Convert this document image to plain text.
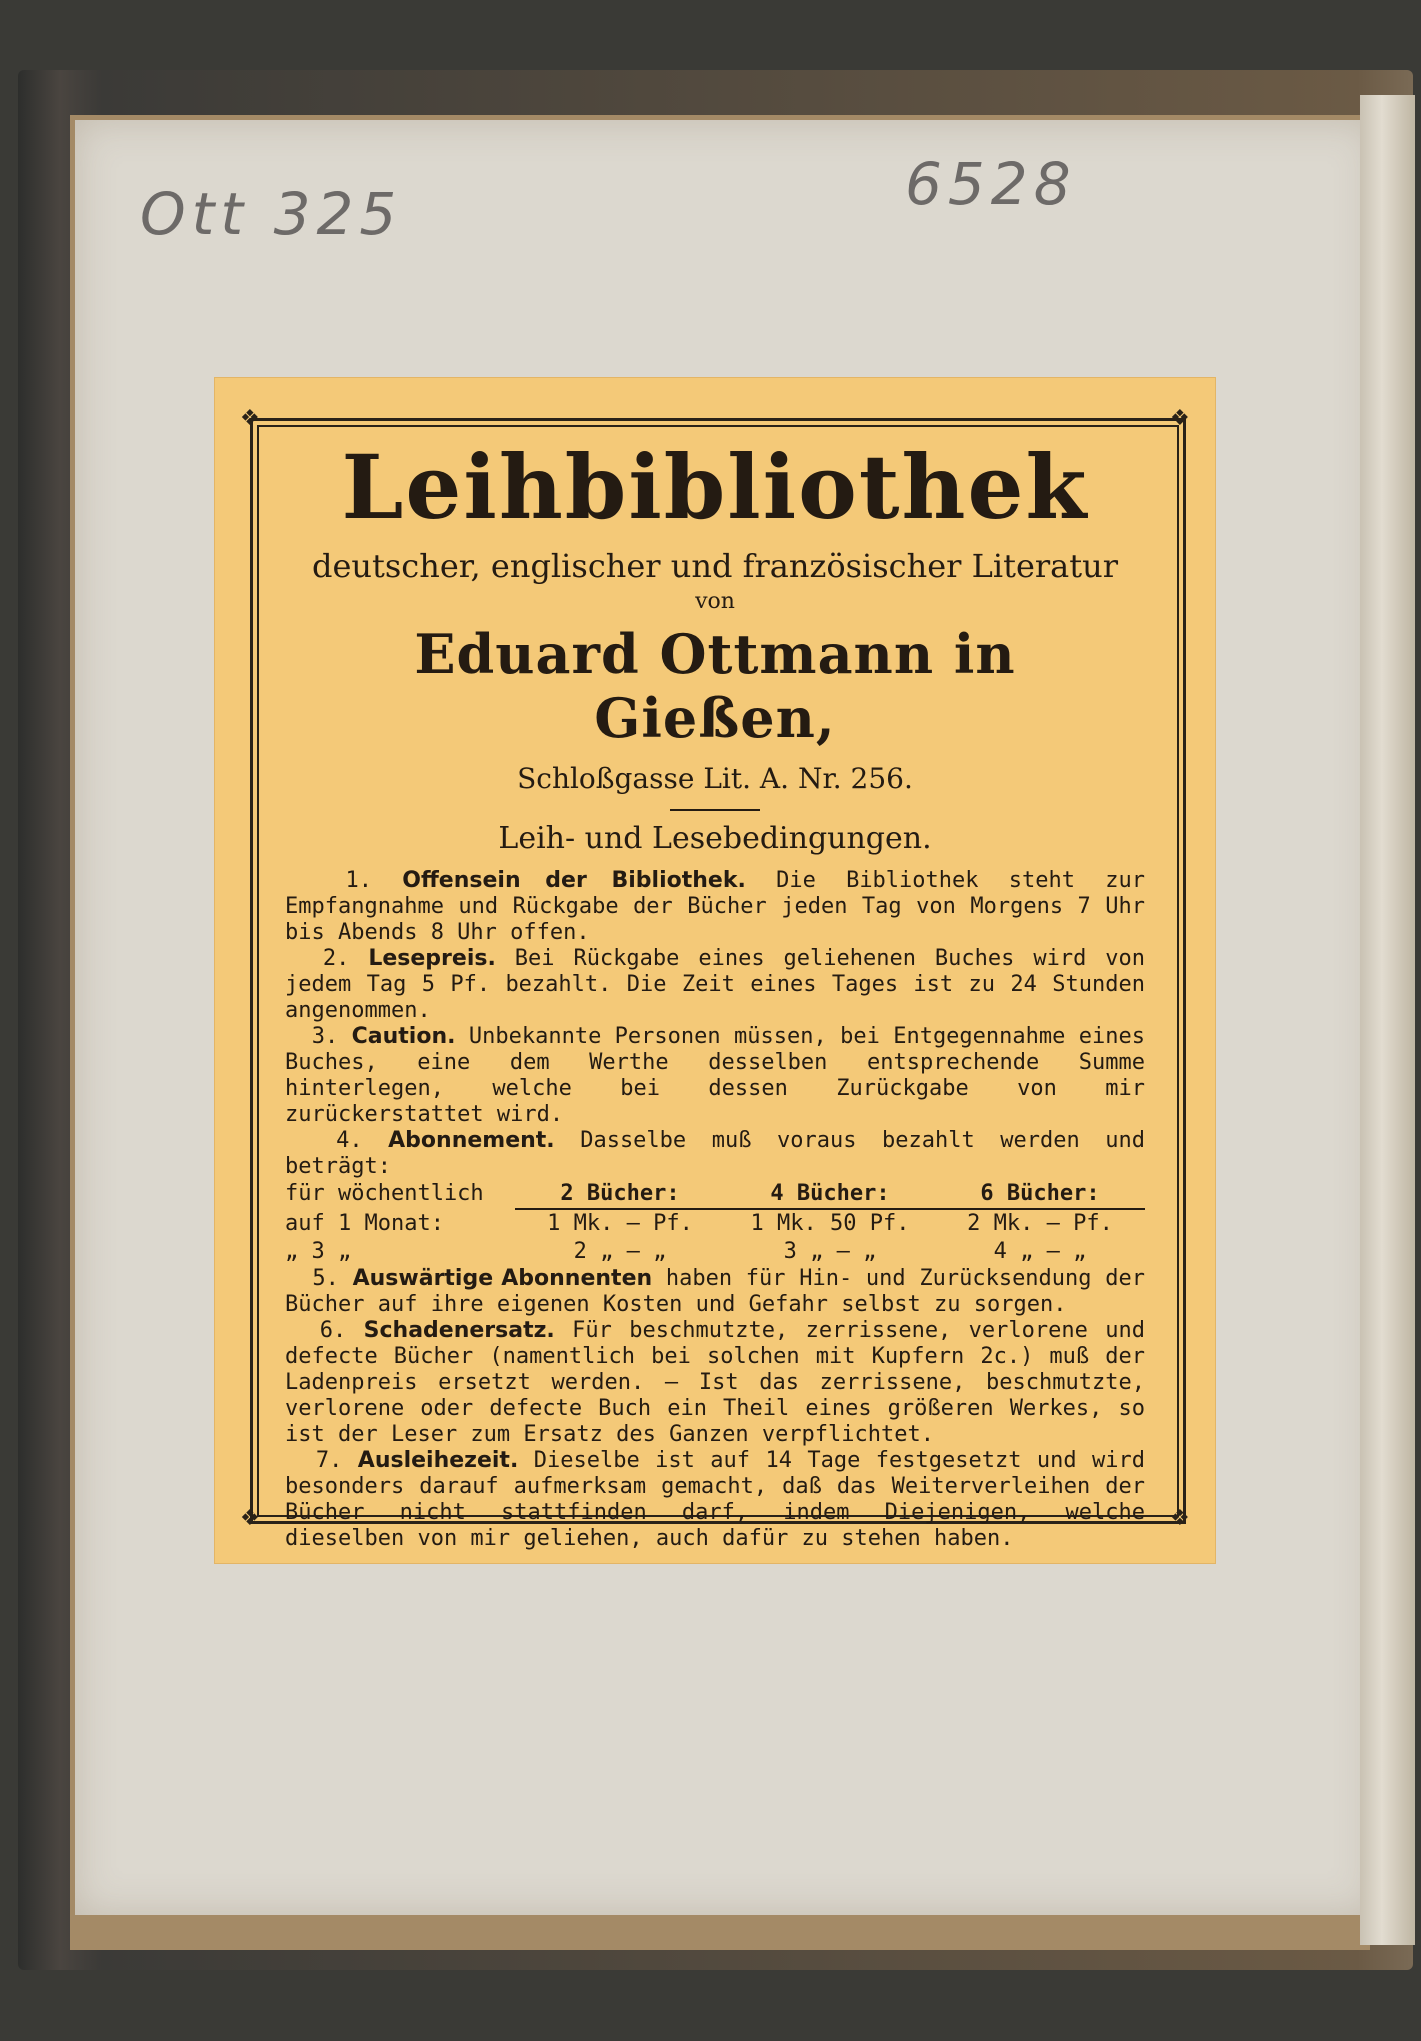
Ott 325	6528
❖	❖
❖	❖
Leihbibliothek
deutscher, englischer und französischer Literatur
von
Eduard Ottmann in Gießen,
Schloßgasse Lit. A. Nr. 256.
Leih- und Lesebedingungen.

1. Offensein der Bibliothek. Die Bibliothek steht zur Empfangnahme und Rückgabe der Bücher jeden Tag von Morgens 7 Uhr bis Abends 8 Uhr offen.

2. Lesepreis. Bei Rückgabe eines geliehenen Buches wird von jedem Tag 5 Pf. bezahlt. Die Zeit eines Tages ist zu 24 Stunden angenommen.

3. Caution. Unbekannte Personen müssen, bei Entgegennahme eines Buches, eine dem Werthe desselben entsprechende Summe hinterlegen, welche bei dessen Zurückgabe von mir zurückerstattet wird.

4. Abonnement. Dasselbe muß voraus bezahlt werden und beträgt:

für wöchentlich	2 Bücher:	4 Bücher:	6 Bücher:
auf 1 Monat:	1 Mk. — Pf.	1 Mk. 50 Pf.	2 Mk. — Pf.
„ 3 „	2 „ — „	3 „ — „	4 „ — „

5. Auswärtige Abonnenten haben für Hin- und Zurücksendung der Bücher auf ihre eigenen Kosten und Gefahr selbst zu sorgen.

6. Schadenersatz. Für beschmutzte, zerrissene, verlorene und defecte Bücher (namentlich bei solchen mit Kupfern 2c.) muß der Ladenpreis ersetzt werden. — Ist das zerrissene, beschmutzte, verlorene oder defecte Buch ein Theil eines größeren Werkes, so ist der Leser zum Ersatz des Ganzen verpflichtet.

7. Ausleihezeit. Dieselbe ist auf 14 Tage festgesetzt und wird besonders darauf aufmerksam gemacht, daß das Weiterverleihen der Bücher nicht stattfinden darf, indem Diejenigen, welche dieselben von mir geliehen, auch dafür zu stehen haben.
